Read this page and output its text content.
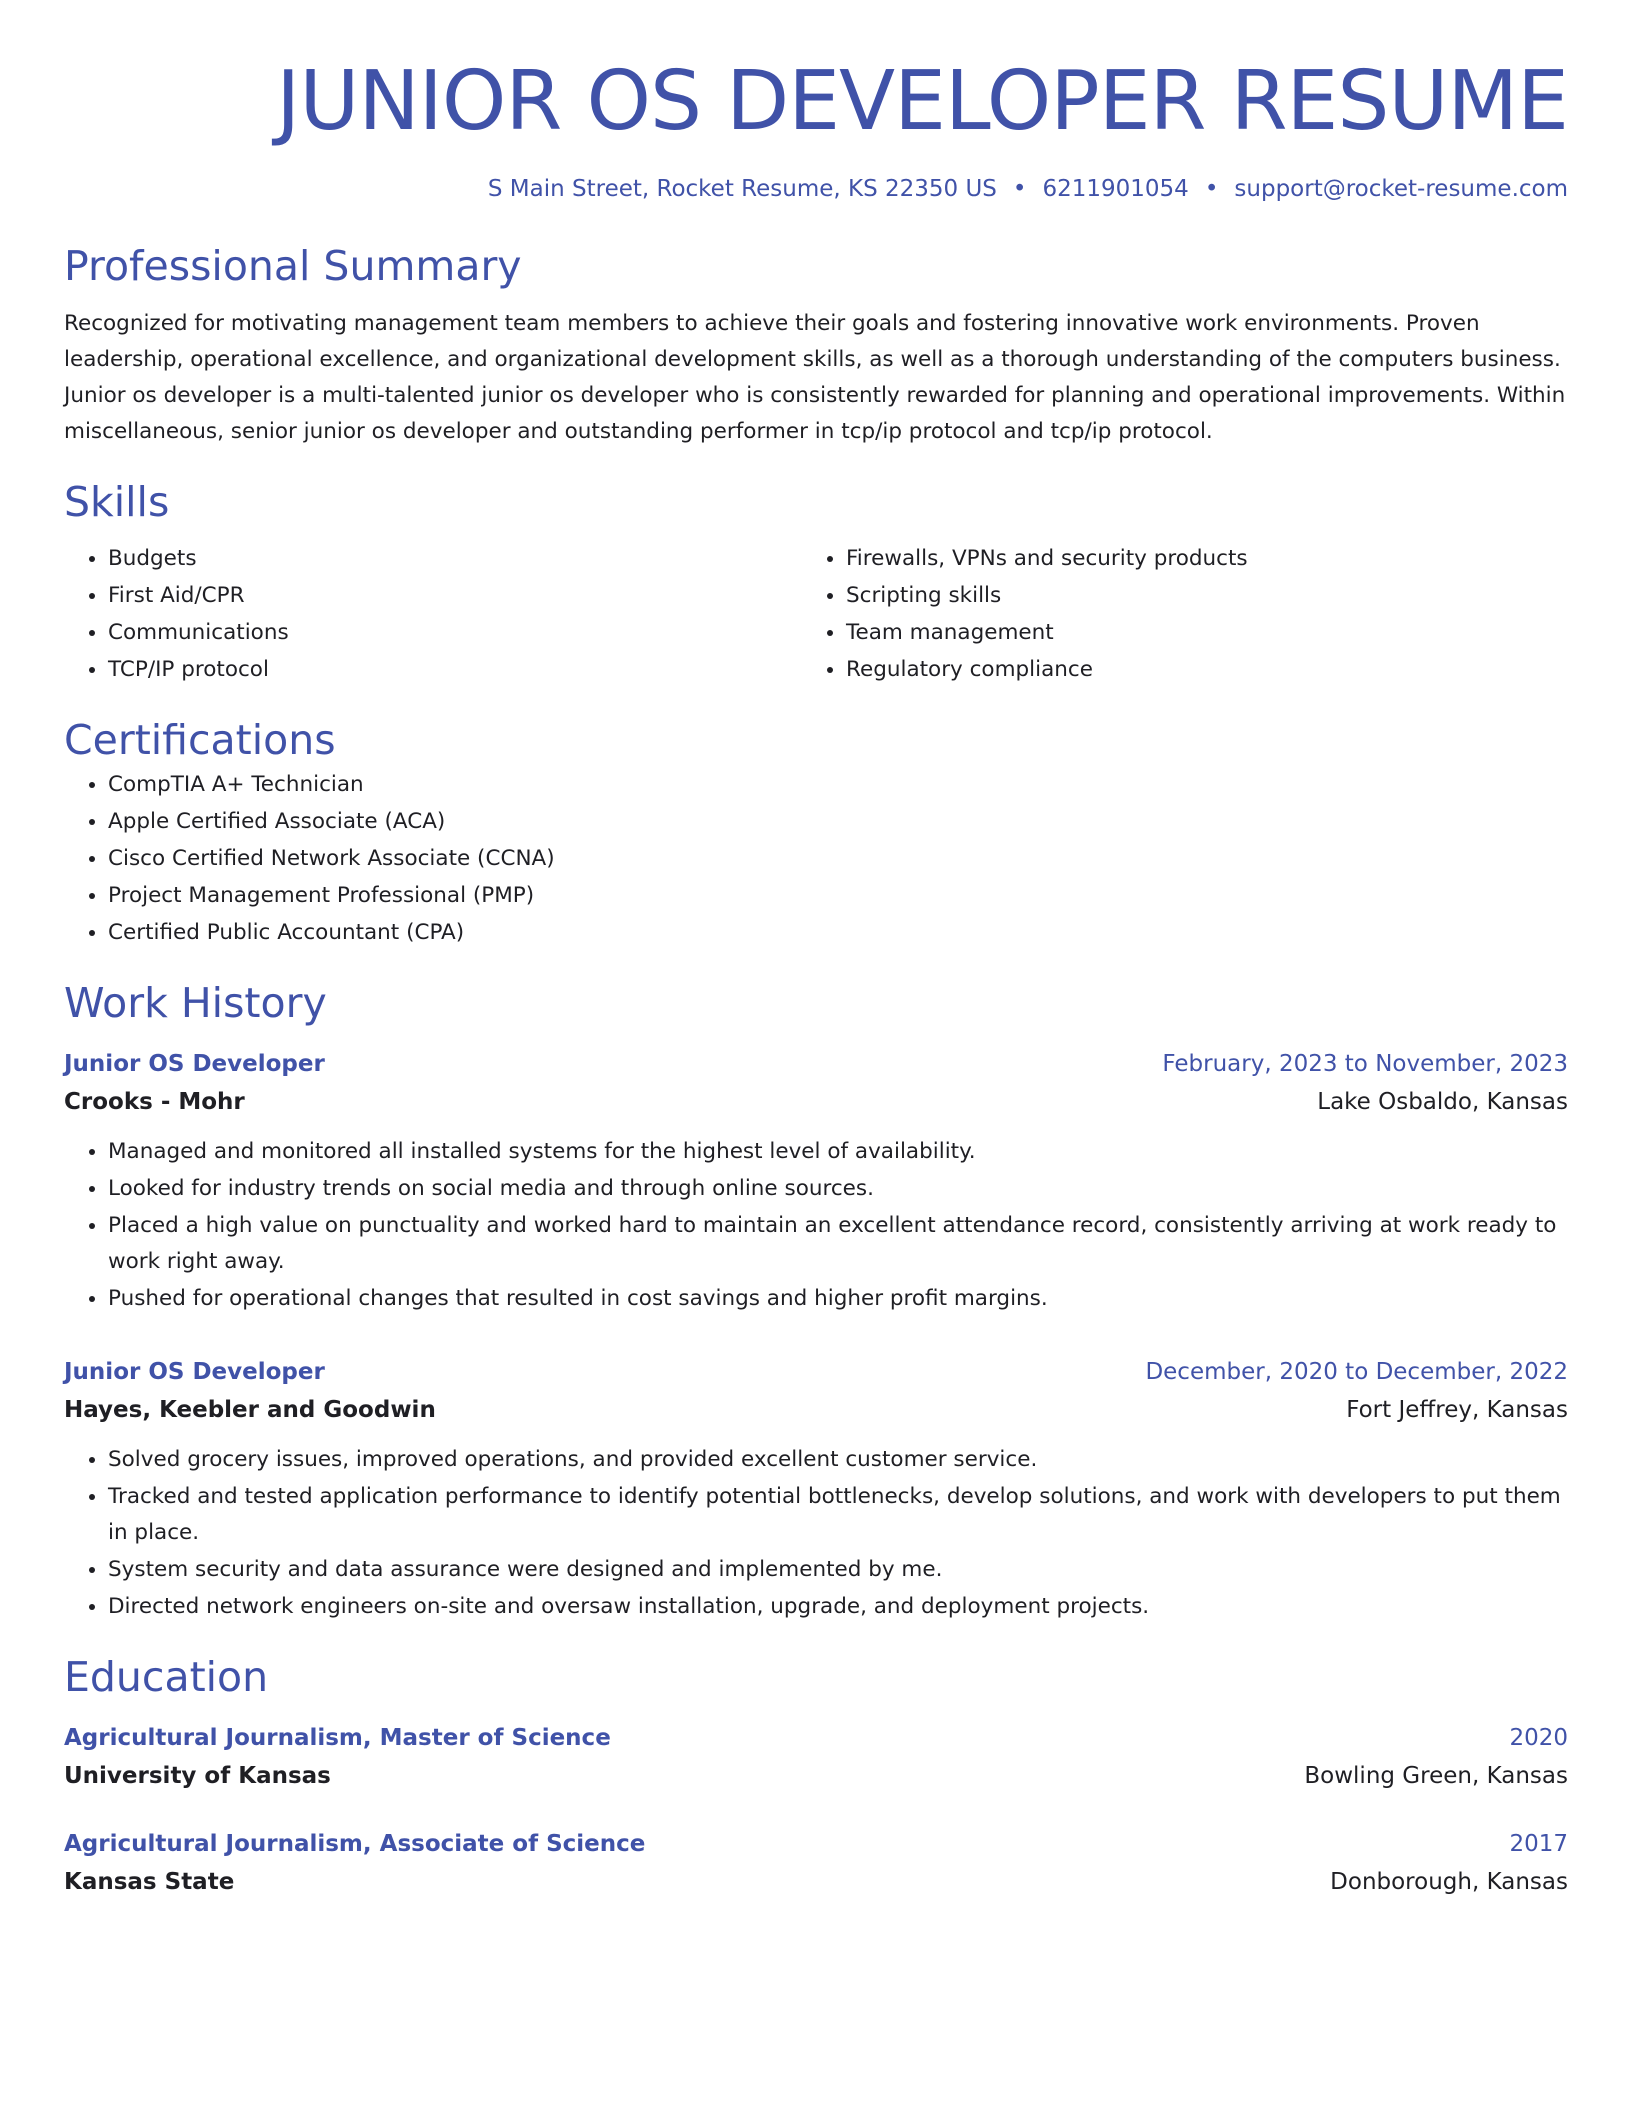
JUNIOR OS DEVELOPER RESUME
S Main Street, Rocket Resume, KS 22350 US • 6211901054 • support@rocket-resume.com
Professional Summary

Recognized for motivating management team members to achieve their goals and fostering innovative work environments. Proven leadership, operational excellence, and organizational development skills, as well as a thorough understanding of the computers business. Junior os developer is a multi-talented junior os developer who is consistently rewarded for planning and operational improvements. Within miscellaneous, senior junior os developer and outstanding performer in tcp/ip protocol and tcp/ip protocol.

Skills
• Budgets
• First Aid/CPR
• Communications
• TCP/IP protocol
• Firewalls, VPNs and security products
• Scripting skills
• Team management
• Regulatory compliance
Certifications
• CompTIA A+ Technician
• Apple Certified Associate (ACA)
• Cisco Certified Network Associate (CCNA)
• Project Management Professional (PMP)
• Certified Public Accountant (CPA)
Work History
Junior OS Developer	February, 2023 to November, 2023
Crooks - Mohr	Lake Osbaldo, Kansas
• Managed and monitored all installed systems for the highest level of availability.
• Looked for industry trends on social media and through online sources.
• Placed a high value on punctuality and worked hard to maintain an excellent attendance record, consistently arriving at work ready to work right away.
• Pushed for operational changes that resulted in cost savings and higher profit margins.
Junior OS Developer	December, 2020 to December, 2022
Hayes, Keebler and Goodwin	Fort Jeffrey, Kansas
• Solved grocery issues, improved operations, and provided excellent customer service.
• Tracked and tested application performance to identify potential bottlenecks, develop solutions, and work with developers to put them in place.
• System security and data assurance were designed and implemented by me.
• Directed network engineers on-site and oversaw installation, upgrade, and deployment projects.
Education
Agricultural Journalism, Master of Science	2020
University of Kansas	Bowling Green, Kansas
Agricultural Journalism, Associate of Science	2017
Kansas State	Donborough, Kansas
